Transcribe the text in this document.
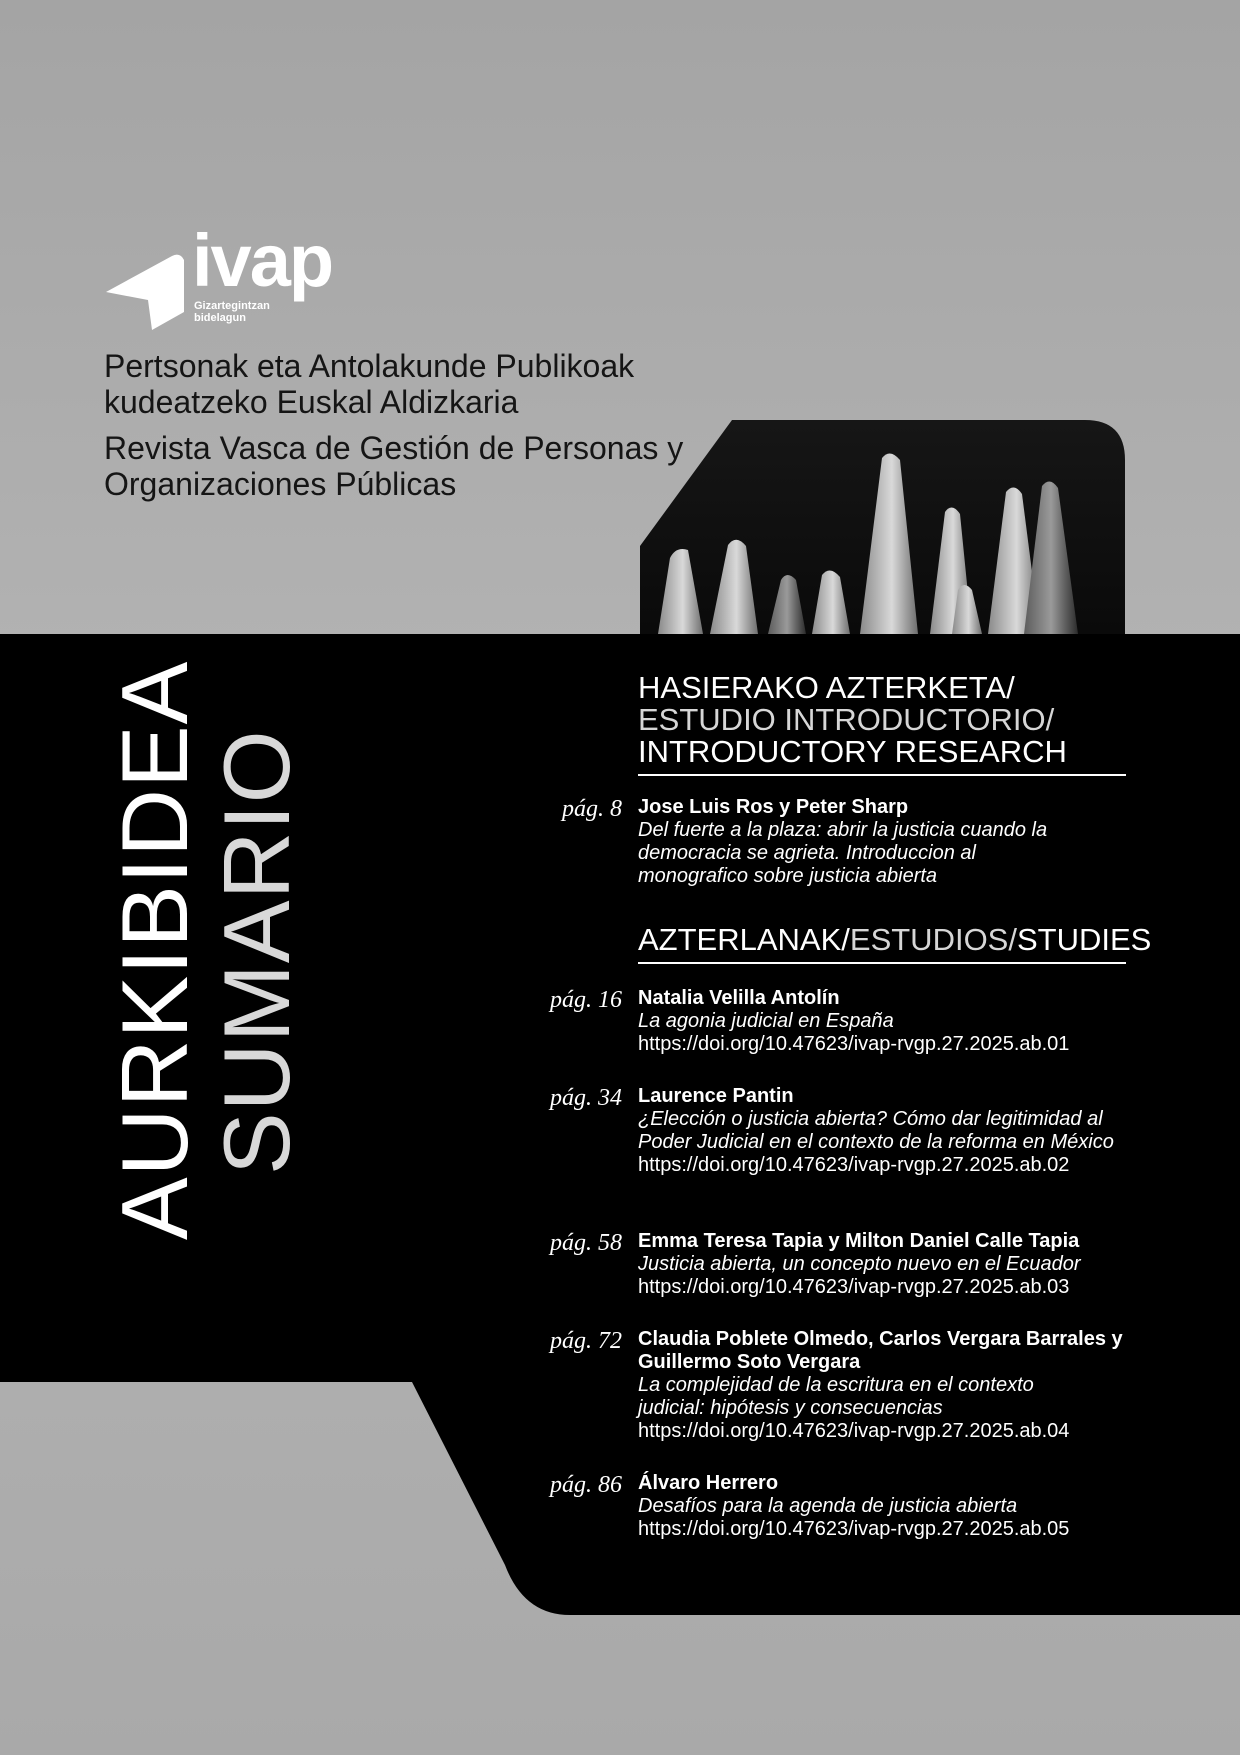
ivap
Gizartegintzan bidelagun
Pertsonak eta Antolakunde Publikoak kudeatzeko Euskal Aldizkaria
Revista Vasca de Gestión de Personas y Organizaciones Públicas
AURKIBIDEA
SUMARIO
HASIERAKO AZTERKETA/
ESTUDIO INTRODUCTORIO/
INTRODUCTORY RESEARCH
AZTERLANAK/ESTUDIOS/STUDIES
pág. 8 Jose Luis Ros y Peter Sharp
Del fuerte a la plaza: abrir la justicia cuando la democracia se agrieta. Introduccion al monografico sobre justicia abierta
pág. 16 Natalia Velilla Antolín
La agonia judicial en España
https://doi.org/10.47623/ivap-rvgp.27.2025.ab.01
pág. 34 Laurence Pantin
¿Elección o justicia abierta? Cómo dar legitimidad al Poder Judicial en el contexto de la reforma en México
https://doi.org/10.47623/ivap-rvgp.27.2025.ab.02
pág. 58 Emma Teresa Tapia y Milton Daniel Calle Tapia
Justicia abierta, un concepto nuevo en el Ecuador
https://doi.org/10.47623/ivap-rvgp.27.2025.ab.03
pág. 72 Claudia Poblete Olmedo, Carlos Vergara Barrales y Guillermo Soto Vergara
La complejidad de la escritura en el contexto judicial: hipótesis y consecuencias
https://doi.org/10.47623/ivap-rvgp.27.2025.ab.04
pág. 86 Álvaro Herrero
Desafíos para la agenda de justicia abierta
https://doi.org/10.47623/ivap-rvgp.27.2025.ab.05
